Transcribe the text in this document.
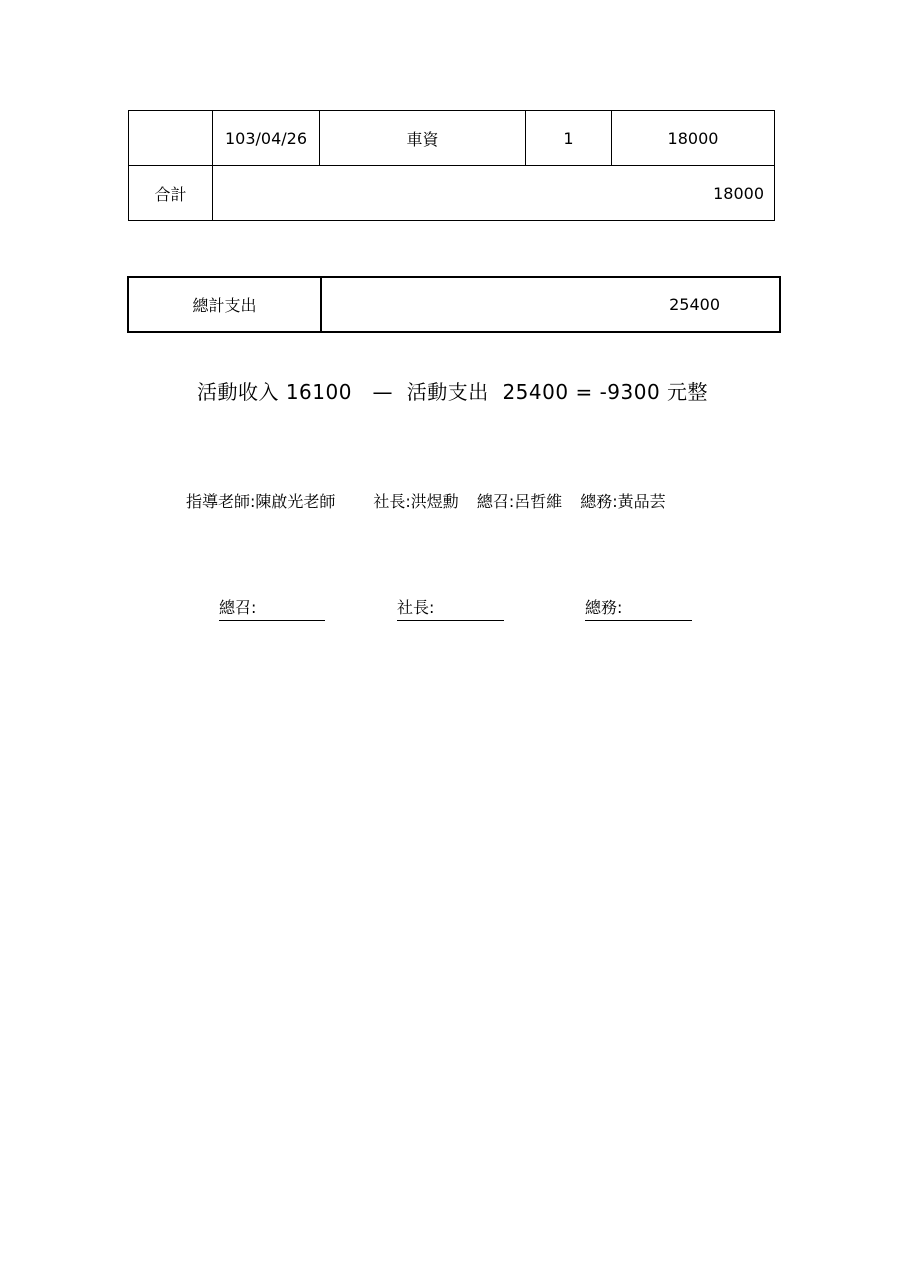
	103/04/26	車資	1	18000
合計	18000			
總計支出	25400
活動收入 16100 — 活動支出 25400 = -9300 元整
指導老師:陳啟光老師 社長:洪煜勳 總召:呂哲維 總務:黃品芸
總召:	社長:	總務:
